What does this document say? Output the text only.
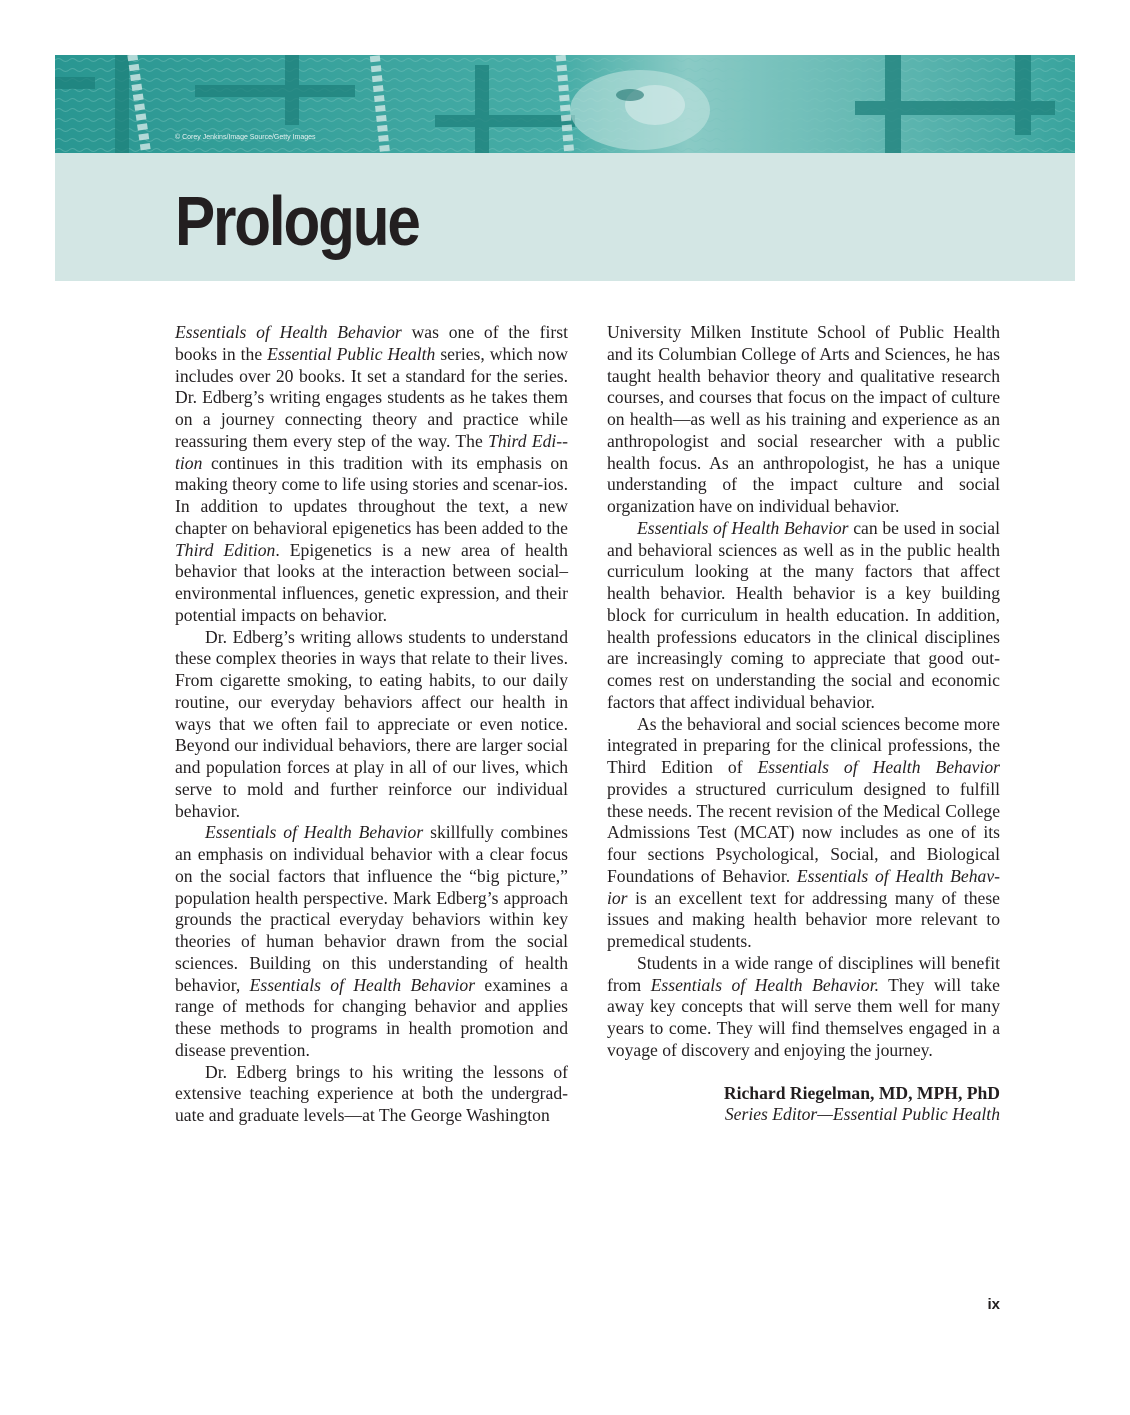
© Corey Jenkins/Image Source/Getty Images
Prologue

Essentials of Health Behavior was one of the first books in the Essential Public Health series, which now includes over 20 books. It set a standard for the series. Dr. Edberg’s writing engages students as he takes them on a journey connecting theory and practice while reassuring them every step of the way. The Third Edi-tion continues in this tradition with its emphasis on making theory come to life using stories and scenar-ios. In addition to updates throughout the text, a new chapter on behavioral epigenetics has been added to the Third Edition. Epigenetics is a new area of health behavior that looks at the interaction between social–environmental influences, genetic expression, and their potential impacts on behavior.

Dr. Edberg’s writing allows students to understand these complex theories in ways that relate to their lives. From cigarette smoking, to eating habits, to our daily routine, our everyday behaviors affect our health in ways that we often fail to appreciate or even notice. Beyond our individual behaviors, there are larger social and population forces at play in all of our lives, which serve to mold and further reinforce our individual behavior.

Essentials of Health Behavior skillfully combines an emphasis on individual behavior with a clear focus on the social factors that influence the “big picture,” population health perspective. Mark Edberg’s approach grounds the practical everyday behaviors within key theories of human behavior drawn from the social sciences. Building on this understanding of health behavior, Essentials of Health Behavior examines a range of methods for changing behavior and applies these methods to programs in health promotion and disease prevention.

Dr. Edberg brings to his writing the lessons of extensive teaching experience at both the undergraduate and graduate levels—at The George Washington

University Milken Institute School of Public Health and its Columbian College of Arts and Sciences, he has taught health behavior theory and qualitative research courses, and courses that focus on the impact of culture on health—as well as his training and experience as an anthropologist and social researcher with a public health focus. As an anthropologist, he has a unique understanding of the impact culture and social organization have on individual behavior.

Essentials of Health Behavior can be used in social and behavioral sciences as well as in the public health curriculum looking at the many factors that affect health behavior. Health behavior is a key building block for curriculum in health education. In addition, health professions educators in the clinical disciplines are increasingly coming to appreciate that good outcomes rest on understanding the social and economic factors that affect individual behavior.

As the behavioral and social sciences become more integrated in preparing for the clinical professions, the Third Edition of Essentials of Health Behavior provides a structured curriculum designed to fulfill these needs. The recent revision of the Medical College Admissions Test (MCAT) now includes as one of its four sections Psychological, Social, and Biological Foundations of Behavior. Essentials of Health Behavior is an excellent text for addressing many of these issues and making health behavior more relevant to premedical students.

Students in a wide range of disciplines will benefit from Essentials of Health Behavior. They will take away key concepts that will serve them well for many years to come. They will find themselves engaged in a voyage of discovery and enjoying the journey.

Richard Riegelman, MD, MPH, PhD
Series Editor—Essential Public Health
ix
